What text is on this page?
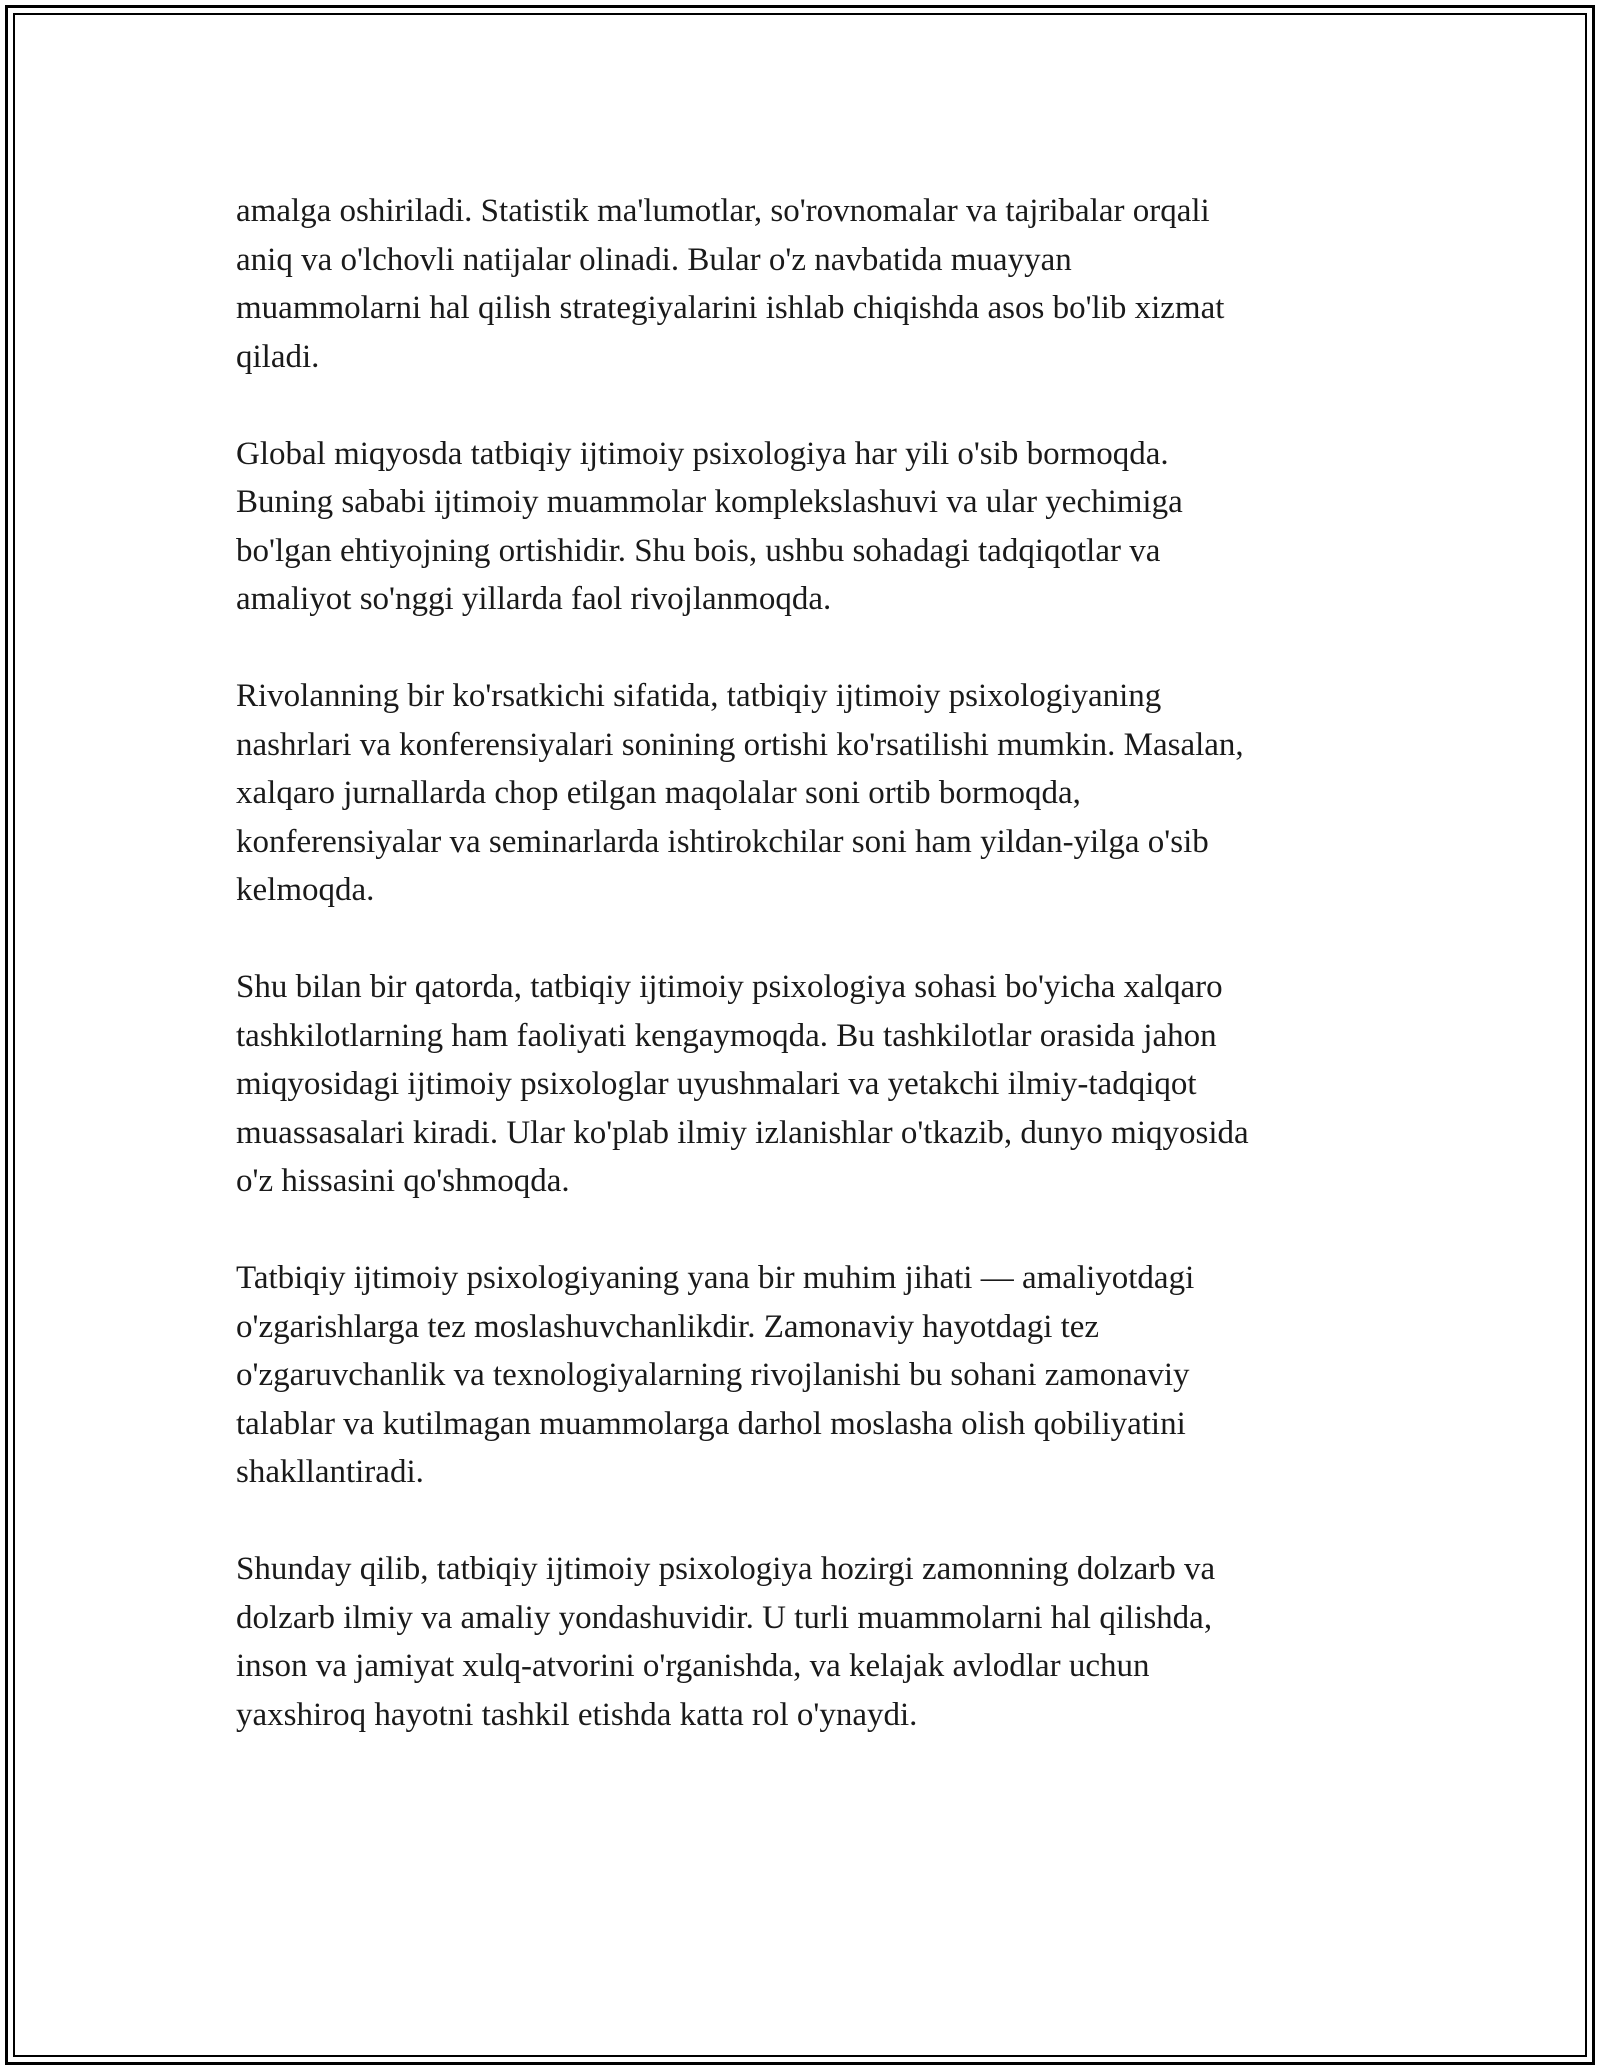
amalga oshiriladi. Statistik ma'lumotlar, so'rovnomalar va tajribalar orqali
aniq va o'lchovli natijalar olinadi. Bular o'z navbatida muayyan
muammolarni hal qilish strategiyalarini ishlab chiqishda asos bo'lib xizmat
qiladi.

Global miqyosda tatbiqiy ijtimoiy psixologiya har yili o'sib bormoqda.
Buning sababi ijtimoiy muammolar komplekslashuvi va ular yechimiga
bo'lgan ehtiyojning ortishidir. Shu bois, ushbu sohadagi tadqiqotlar va
amaliyot so'nggi yillarda faol rivojlanmoqda.

Rivolanning bir ko'rsatkichi sifatida, tatbiqiy ijtimoiy psixologiyaning
nashrlari va konferensiyalari sonining ortishi ko'rsatilishi mumkin. Masalan,
xalqaro jurnallarda chop etilgan maqolalar soni ortib bormoqda,
konferensiyalar va seminarlarda ishtirokchilar soni ham yildan-yilga o'sib
kelmoqda.

Shu bilan bir qatorda, tatbiqiy ijtimoiy psixologiya sohasi bo'yicha xalqaro
tashkilotlarning ham faoliyati kengaymoqda. Bu tashkilotlar orasida jahon
miqyosidagi ijtimoiy psixologlar uyushmalari va yetakchi ilmiy-tadqiqot
muassasalari kiradi. Ular ko'plab ilmiy izlanishlar o'tkazib, dunyo miqyosida
o'z hissasini qo'shmoqda.

Tatbiqiy ijtimoiy psixologiyaning yana bir muhim jihati — amaliyotdagi
o'zgarishlarga tez moslashuvchanlikdir. Zamonaviy hayotdagi tez
o'zgaruvchanlik va texnologiyalarning rivojlanishi bu sohani zamonaviy
talablar va kutilmagan muammolarga darhol moslasha olish qobiliyatini
shakllantiradi.

Shunday qilib, tatbiqiy ijtimoiy psixologiya hozirgi zamonning dolzarb va
dolzarb ilmiy va amaliy yondashuvidir. U turli muammolarni hal qilishda,
inson va jamiyat xulq-atvorini o'rganishda, va kelajak avlodlar uchun
yaxshiroq hayotni tashkil etishda katta rol o'ynaydi.
